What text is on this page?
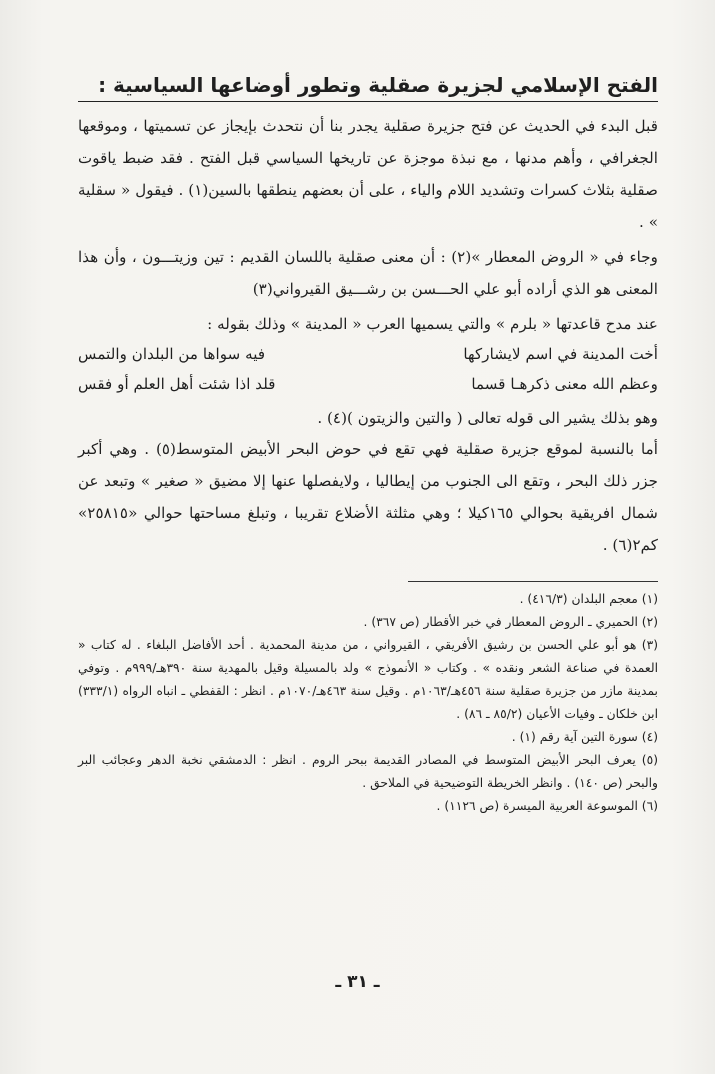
الفتح الإسلامي لجزيرة صقلية وتطور أوضاعها السياسية :

قبل البدء في الحديث عن فتح جزيرة صقلية يجدر بنا أن نتحدث بإيجاز عن تسميتها ، وموقعها الجغرافي ، وأهم مدنها ، مع نبذة موجزة عن تاريخها السياسي قبل الفتح . فقد ضبط ياقوت صقلية بثلاث كسرات وتشديد اللام والياء ، على أن بعضهم ينطقها بالسين(١) . فيقول « سقلية » .

وجاء في « الروض المعطار »(٢) : أن معنى صقلية باللسان القديم : تين وزيتـــون ، وأن هذا المعنى هو الذي أراده أبو علي الحـــسن بن رشـــيق القيرواني(٣)

عند مدح قاعدتها « بلرم » والتي يسميها العرب « المدينة » وذلك بقوله :

أخت المدينة في اسم لايشاركها
فيه سواها من البلدان والتمس
وعظم الله معنى ذكرهـا قسما
قلد اذا شئت أهل العلم أو فقس

وهو بذلك يشير الى قوله تعالى ( والتين والزيتون )(٤) .

أما بالنسبة لموقع جزيرة صقلية فهي تقع في حوض البحر الأبيض المتوسط(٥) . وهي أكبر جزر ذلك البحر ، وتقع الى الجنوب من إيطاليا ، ولايفصلها عنها إلا مضيق « صغير » وتبعد عن شمال افريقية بحوالي ١٦٥كيلا ؛ وهي مثلثة الأضلاع تقريبا ، وتبلغ مساحتها حوالي «٢٥٨١٥» كم٢(٦) .

(١) معجم البلدان (٤١٦/٣) .

(٢) الحميري ـ الروض المعطار في خبر الأقطار (ص ٣٦٧) .

(٣) هو أبو علي الحسن بن رشيق الأفريقي ، القيرواني ، من مدينة المحمدية . أحد الأفاضل البلغاء . له كتاب « العمدة في صناعة الشعر ونقده » . وكتاب « الأنموذج » ولد بالمسيلة وقيل بالمهدية سنة ٣٩٠هـ/٩٩٩م . وتوفي بمدينة مازر من جزيرة صقلية سنة ٤٥٦هـ/١٠٦٣م . وقيل سنة ٤٦٣هـ/١٠٧٠م . انظر : القفطي ـ انباه الرواه (٣٣٣/١) ابن خلكان ـ وفيات الأعيان (٨٥/٢ ـ ٨٦) .

(٤) سورة التين آية رقم (١) .

(٥) يعرف البحر الأبيض المتوسط في المصادر القديمة ببحر الروم . انظر : الدمشقي نخبة الدهر وعجائب البر والبحر (ص ١٤٠) . وانظر الخريطة التوضيحية في الملاحق .

(٦) الموسوعة العربية الميسرة (ص ١١٢٦) .

ـ ٣١ ـ
